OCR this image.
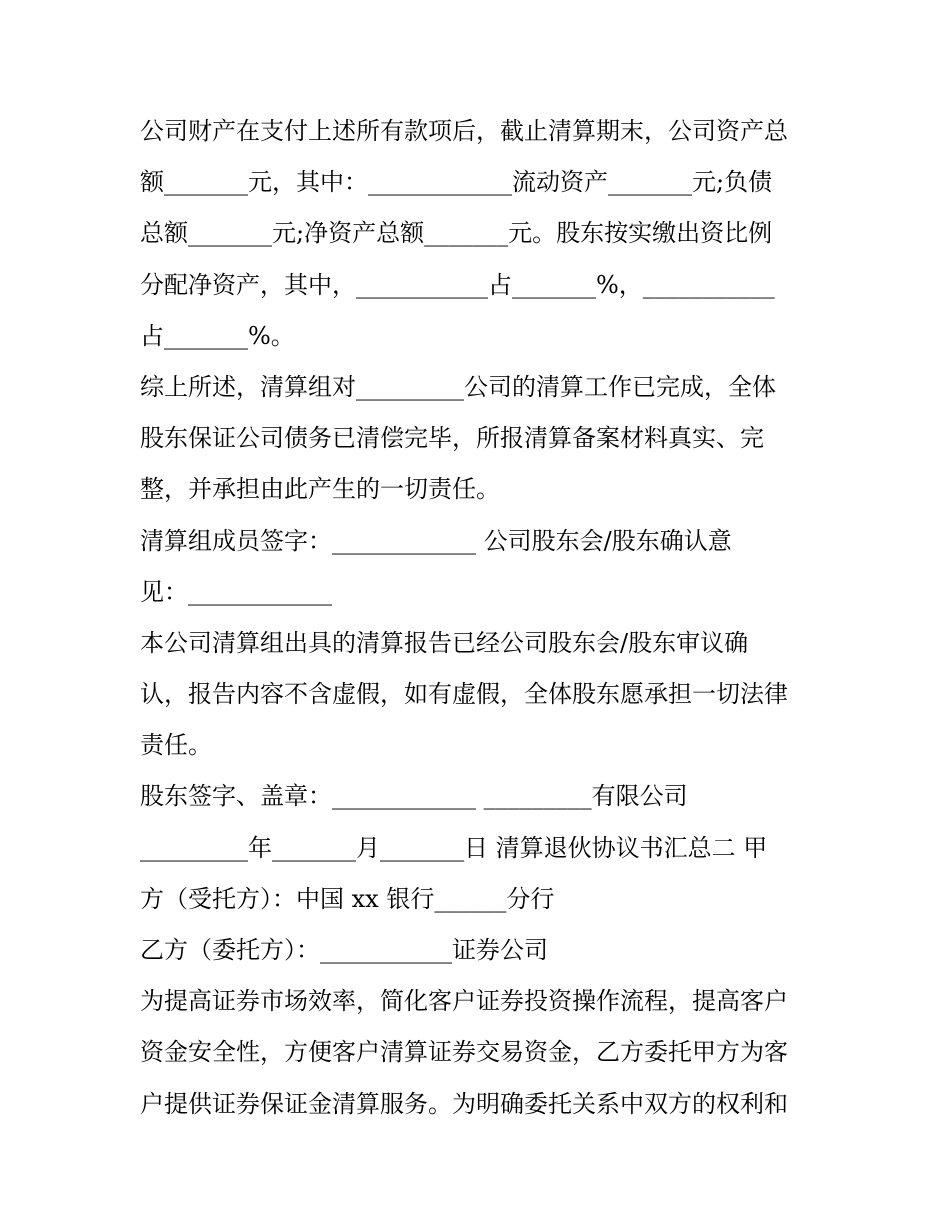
公司财产在支付上述所有款项后，截止清算期末，公司资产总
额_______元，其中：____________流动资产_______元;负债
总额_______元;净资产总额_______元。股东按实缴出资比例
分配净资产，其中，___________占_______%，___________
占_______%。
综上所述，清算组对_________公司的清算工作已完成，全体
股东保证公司债务已清偿完毕，所报清算备案材料真实、完
整，并承担由此产生的一切责任。
清算组成员签字：____________ 公司股东会/股东确认意
见：____________
本公司清算组出具的清算报告已经公司股东会/股东审议确
认，报告内容不含虚假，如有虚假，全体股东愿承担一切法律
责任。
股东签字、盖章：____________ _________有限公司
_________年_______月_______日 清算退伙协议书汇总二 甲
方（受托方）：中国 xx 银行______分行
乙方（委托方）：___________证券公司
为提高证券市场效率，简化客户证券投资操作流程，提高客户
资金安全性，方便客户清算证券交易资金，乙方委托甲方为客
户提供证券保证金清算服务。为明确委托关系中双方的权利和
